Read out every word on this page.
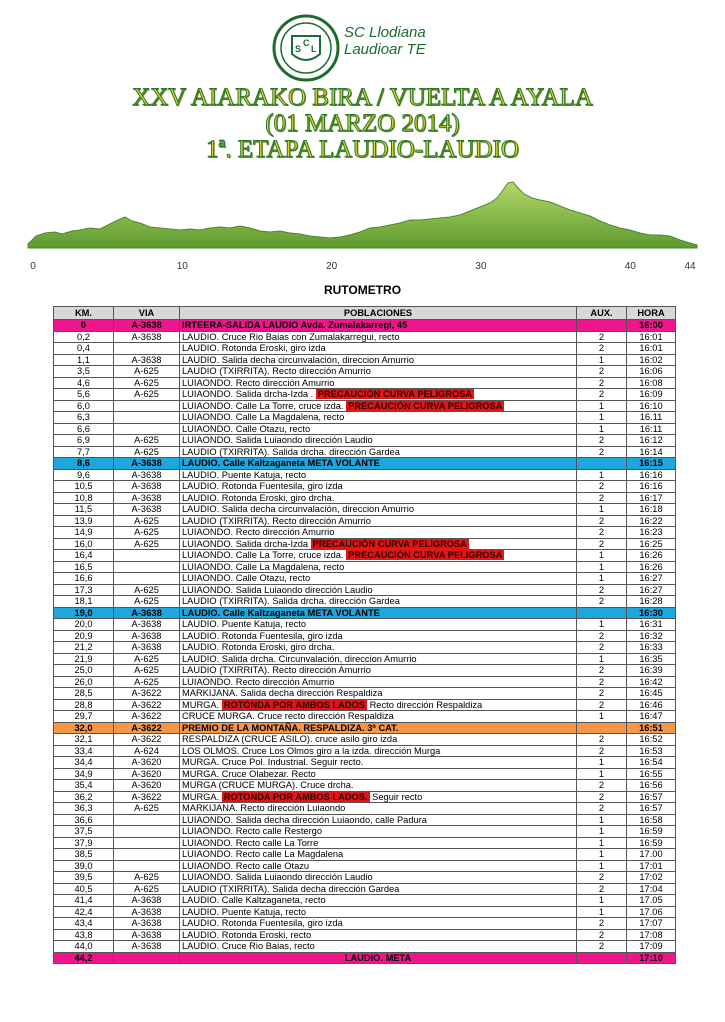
S
C
L
SC Llodiana
Laudioar TE
XXV AIARAKO BIRA / VUELTA A AYALA
(01 MARZO 2014)
1ª. ETAPA LAUDIO-LAUDIO
0	10	20	30	40	44
RUTOMETRO
KM.	VIA	POBLACIONES	AUX.	HORA
0	A-3638	IRTEERA-SALIDA LAUDIO Avda. Zumalakarregi, 45		16:00
0,2	A-3638	LAUDIO. Cruce Rio Baias con Zumalakarregui, recto	2	16:01
0,4		LAUDIO. Rotonda Eroski, giro izda	2	16:01
1,1	A-3638	LAUDIO. Salida decha circunvalación, direccion Amurrio	1	16:02
3,5	A-625	LAUDIO (TXIRRITA). Recto dirección Amurrio	2	16:06
4,6	A-625	LUIAONDO. Recto dirección Amurrio	2	16:08
5,6	A-625	LUIAONDO. Salida drcha-Izda . PRECAUCIÓN CURVA PELIGROSA	2	16:09
6,0		LUIAONDO. Calle La Torre, cruce izda. PRECAUCIÓN CURVA PELIGROSA	1	16:10
6,3		LUIAONDO. Calle La Magdalena, recto	1	16.11
6,6		LUIAONDO. Calle Otazu, recto	1	16:11
6,9	A-625	LUIAONDO. Salida Luiaondo dirección Laudio	2	16:12
7,7	A-625	LAUDIO (TXIRRITA). Salida drcha. dirección Gardea	2	16:14
8,6	A-3638	LAUDIO. Calle Kaltzaganeta META VOLANTE		16:15
9,6	A-3638	LAUDIO. Puente Katuja, recto	1	16:16
10,5	A-3638	LAUDIO. Rotonda Fuentesila, giro izda	2	16:16
10,8	A-3638	LAUDIO. Rotonda Eroski, giro drcha.	2	16:17
11,5	A-3638	LAUDIO. Salida decha circunvalación, direccion Amurrio	1	16:18
13,9	A-625	LAUDIO (TXIRRITA). Recto dirección Amurrio	2	16:22
14,9	A-625	LUIAONDO. Recto dirección Amurrio	2	16:23
16,0	A-625	LUIAONDO. Salida drcha-Izda PRECAUCIÓN CURVA PELIGROSA	2	16:25
16,4		LUIAONDO. Calle La Torre, cruce izda. PRECAUCIÓN CURVA PELIGROSA	1	16:26
16,5		LUIAONDO. Calle La Magdalena, recto	1	16:26
16,6		LUIAONDO. Calle Otazu, recto	1	16:27
17,3	A-625	LUIAONDO. Salida Luiaondo dirección Laudio	2	16:27
18,1	A-625	LAUDIO (TXIRRITA). Salida drcha. dirección Gardea	2	16:28
19,0	A-3638	LAUDIO. Calle Kaltzaganeta META VOLANTE		16:30
20,0	A-3638	LAUDIO. Puente Katuja, recto	1	16:31
20,9	A-3638	LAUDIO. Rotonda Fuentesila, giro izda	2	16:32
21,2	A-3638	LAUDIO. Rotonda Eroski, giro drcha.	2	16:33
21,9	A-625	LAUDIO. Salida drcha. Circunvalación, direccion Amurrio	1	16:35
25,0	A-625	LAUDIO (TXIRRITA). Recto dirección Amurrio	2	16:39
26,0	A-625	LUIAONDO. Recto dirección Amurrio	2	16:42
28,5	A-3622	MARKIJANA. Salida decha dirección Respaldiza	2	16:45
28,8	A-3622	MURGA. ROTONDA POR AMBOS LADOS Recto dirección Respaldiza	2	16:46
29,7	A-3622	CRUCE MURGA. Cruce recto dirección Respaldiza	1	16:47
32,0	A-3622	PREMIO DE LA MONTAÑA. RESPALDIZA. 3ª CAT.		16:51
32,1	A-3622	RESPALDIZA (CRUCE ASILO). cruce asilo giro izda	2	16:52
33,4	A-624	LOS OLMOS. Cruce Los Olmos giro a la izda. dirección Murga	2	16:53
34,4	A-3620	MURGA. Cruce Pol. Industrial. Seguir recto.	1	16:54
34,9	A-3620	MURGA. Cruce Olabezar. Recto	1	16:55
35,4	A-3620	MURGA (CRUCE MURGA). Cruce drcha.	2	16:56
36,2	A-3622	MURGA. ROTONDA POR AMBOS LADOS. Seguir recto	2	16:57
36,3	A-625	MARKIJANA. Recto dirección Luiaondo	2	16:57
36,6		LUIAONDO. Salida decha dirección Luiaondo, calle Padura	1	16:58
37,5		LUIAONDO. Recto calle Restergo	1	16:59
37,9		LUIAONDO. Recto calle La Torre	1	16:59
38,5		LUIAONDO. Recto calle La Magdalena	1	17.00
39,0		LUIAONDO. Recto calle Otazu	1	17:01
39,5	A-625	LUIAONDO. Salida Luiaondo dirección Laudio	2	17:02
40,5	A-625	LAUDIO (TXIRRITA). Salida decha dirección Gardea	2	17:04
41,4	A-3638	LAUDIO. Calle Kaltzaganeta, recto	1	17.05
42,4	A-3638	LAUDIO. Puente Katuja, recto	1	17.06
43,4	A-3638	LAUDIO. Rotonda Fuentesila, giro izda	2	17:07
43,8	A-3638	LAUDIO. Rotonda Eroski, recto	2	17:08
44,0	A-3638	LAUDIO. Cruce Rio Baias, recto	2	17:09
44,2		LAUDIO. META		17:10
